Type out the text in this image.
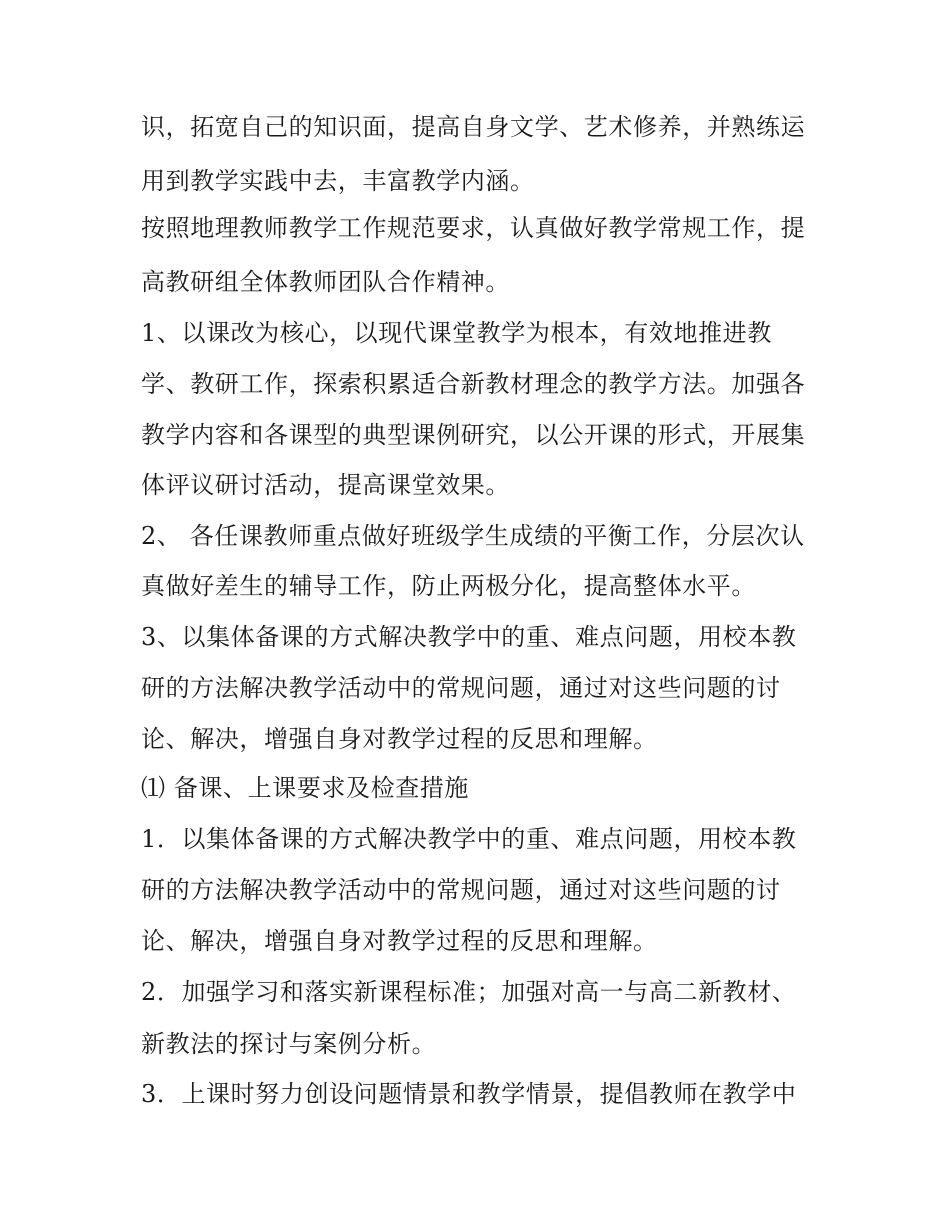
识，拓宽自己的知识面，提高自身文学、艺术修养，并熟练运
用到教学实践中去，丰富教学内涵。
按照地理教师教学工作规范要求，认真做好教学常规工作，提
高教研组全体教师团队合作精神。
1、以课改为核心，以现代课堂教学为根本，有效地推进教
学、教研工作，探索积累适合新教材理念的教学方法。加强各
教学内容和各课型的典型课例研究，以公开课的形式，开展集
体评议研讨活动，提高课堂效果。
2、 各任课教师重点做好班级学生成绩的平衡工作，分层次认
真做好差生的辅导工作，防止两极分化，提高整体水平。
3、以集体备课的方式解决教学中的重、难点问题，用校本教
研的方法解决教学活动中的常规问题，通过对这些问题的讨
论、解决，增强自身对教学过程的反思和理解。
⑴ 备课、上课要求及检查措施
1．以集体备课的方式解决教学中的重、难点问题，用校本教
研的方法解决教学活动中的常规问题，通过对这些问题的讨
论、解决，增强自身对教学过程的反思和理解。
2．加强学习和落实新课程标准；加强对高一与高二新教材、
新教法的探讨与案例分析。
3．上课时努力创设问题情景和教学情景，提倡教师在教学中
